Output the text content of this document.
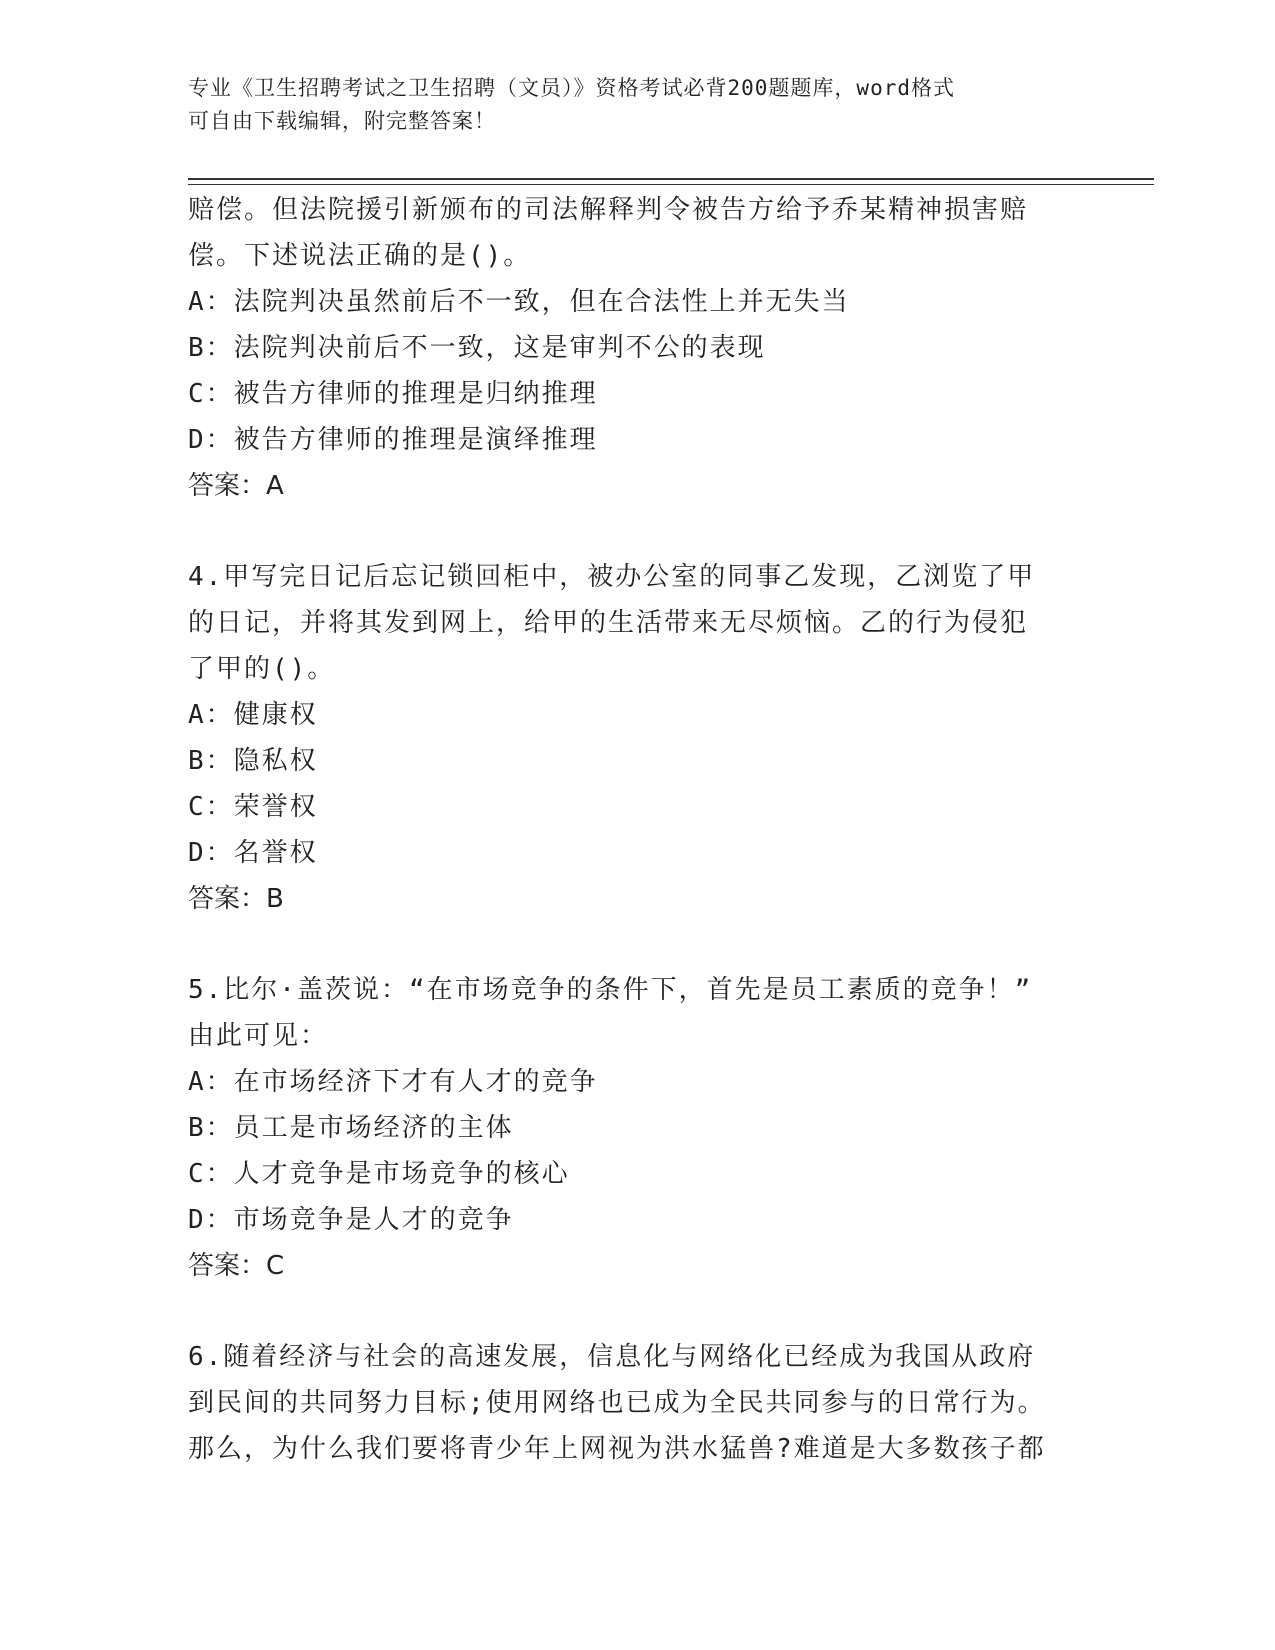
专业《卫生招聘考试之卫生招聘（文员）》资格考试必背200题题库，word格式
可自由下载编辑，附完整答案！
赔偿。但法院援引新颁布的司法解释判令被告方给予乔某精神损害赔
偿。下述说法正确的是()。
A：法院判决虽然前后不一致，但在合法性上并无失当
B：法院判决前后不一致，这是审判不公的表现
C：被告方律师的推理是归纳推理
D：被告方律师的推理是演绎推理
答案：A
4.甲写完日记后忘记锁回柜中，被办公室的同事乙发现，乙浏览了甲
的日记，并将其发到网上，给甲的生活带来无尽烦恼。乙的行为侵犯
了甲的()。
A：健康权
B：隐私权
C：荣誉权
D：名誉权
答案：B
5.比尔·盖茨说：“在市场竞争的条件下，首先是员工素质的竞争！”
由此可见：
A：在市场经济下才有人才的竞争
B：员工是市场经济的主体
C：人才竞争是市场竞争的核心
D：市场竞争是人才的竞争
答案：C
6.随着经济与社会的高速发展，信息化与网络化已经成为我国从政府
到民间的共同努力目标;使用网络也已成为全民共同参与的日常行为。
那么，为什么我们要将青少年上网视为洪水猛兽?难道是大多数孩子都
